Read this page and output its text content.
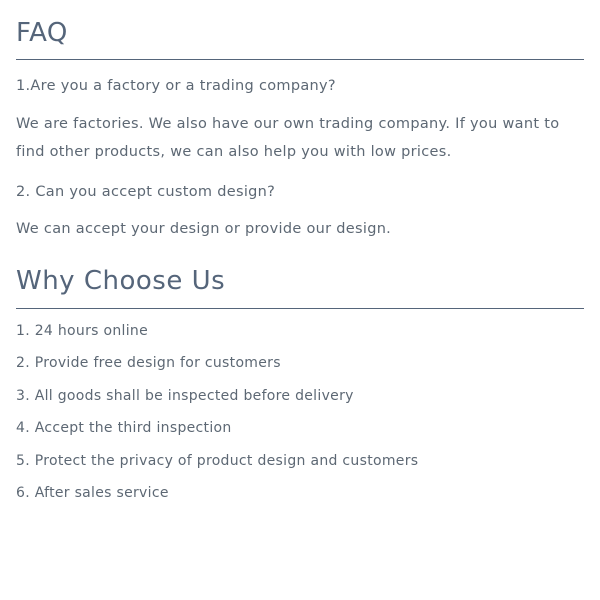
FAQ

1.Are you a factory or a trading company?

We are factories. We also have our own trading company. If you want to find other products, we can also help you with low prices.

2. Can you accept custom design?

We can accept your design or provide our design.

Why Choose Us
1. 24 hours online
2. Provide free design for customers
3. All goods shall be inspected before delivery
4. Accept the third inspection
5. Protect the privacy of product design and customers
6. After sales service
